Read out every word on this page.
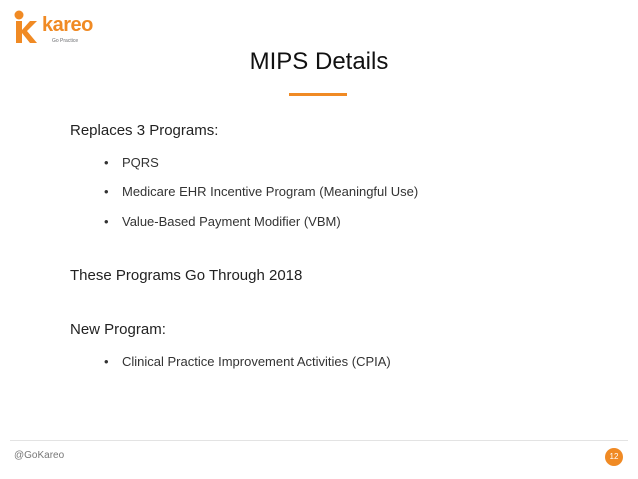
kareo
Go Practice
MIPS Details
Replaces 3 Programs:
• PQRS
• Medicare EHR Incentive Program (Meaningful Use)
• Value-Based Payment Modifier (VBM)
These Programs Go Through 2018
New Program:
• Clinical Practice Improvement Activities (CPIA)
@GoKareo	12
